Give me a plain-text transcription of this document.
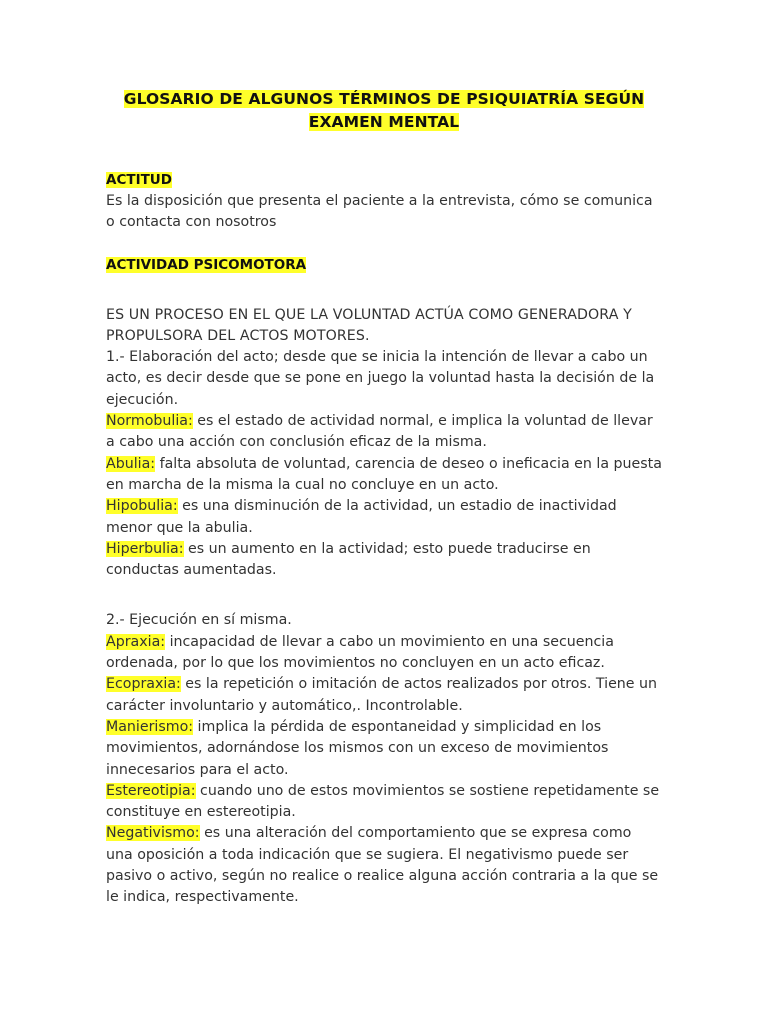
GLOSARIO DE ALGUNOS TÉRMINOS DE PSIQUIATRÍA SEGÚN
EXAMEN MENTAL

ACTITUD

Es la disposición que presenta el paciente a la entrevista, cómo se comunica o contacta con nosotros

ACTIVIDAD PSICOMOTORA

ES UN PROCESO EN EL QUE LA VOLUNTAD ACTÚA COMO GENERADORA Y PROPULSORA DEL ACTOS MOTORES.

1.- Elaboración del acto; desde que se inicia la intención de llevar a cabo un acto, es decir desde que se pone en juego la voluntad hasta la decisión de la ejecución.

Normobulia: es el estado de actividad normal, e implica la voluntad de llevar a cabo una acción con conclusión eficaz de la misma.

Abulia: falta absoluta de voluntad, carencia de deseo o ineficacia en la puesta en marcha de la misma la cual no concluye en un acto.

Hipobulia: es una disminución de la actividad, un estadio de inactividad menor que la abulia.

Hiperbulia: es un aumento en la actividad; esto puede traducirse en conductas aumentadas.

2.- Ejecución en sí misma.

Apraxia: incapacidad de llevar a cabo un movimiento en una secuencia ordenada, por lo que los movimientos no concluyen en un acto eficaz.

Ecopraxia: es la repetición o imitación de actos realizados por otros. Tiene un carácter involuntario y automático,. Incontrolable.

Manierismo: implica la pérdida de espontaneidad y simplicidad en los movimientos, adornándose los mismos con un exceso de movimientos innecesarios para el acto.

Estereotipia: cuando uno de estos movimientos se sostiene repetidamente se constituye en estereotipia.

Negativismo: es una alteración del comportamiento que se expresa como una oposición a toda indicación que se sugiera. El negativismo puede ser pasivo o activo, según no realice o realice alguna acción contraria a la que se le indica, respectivamente.
